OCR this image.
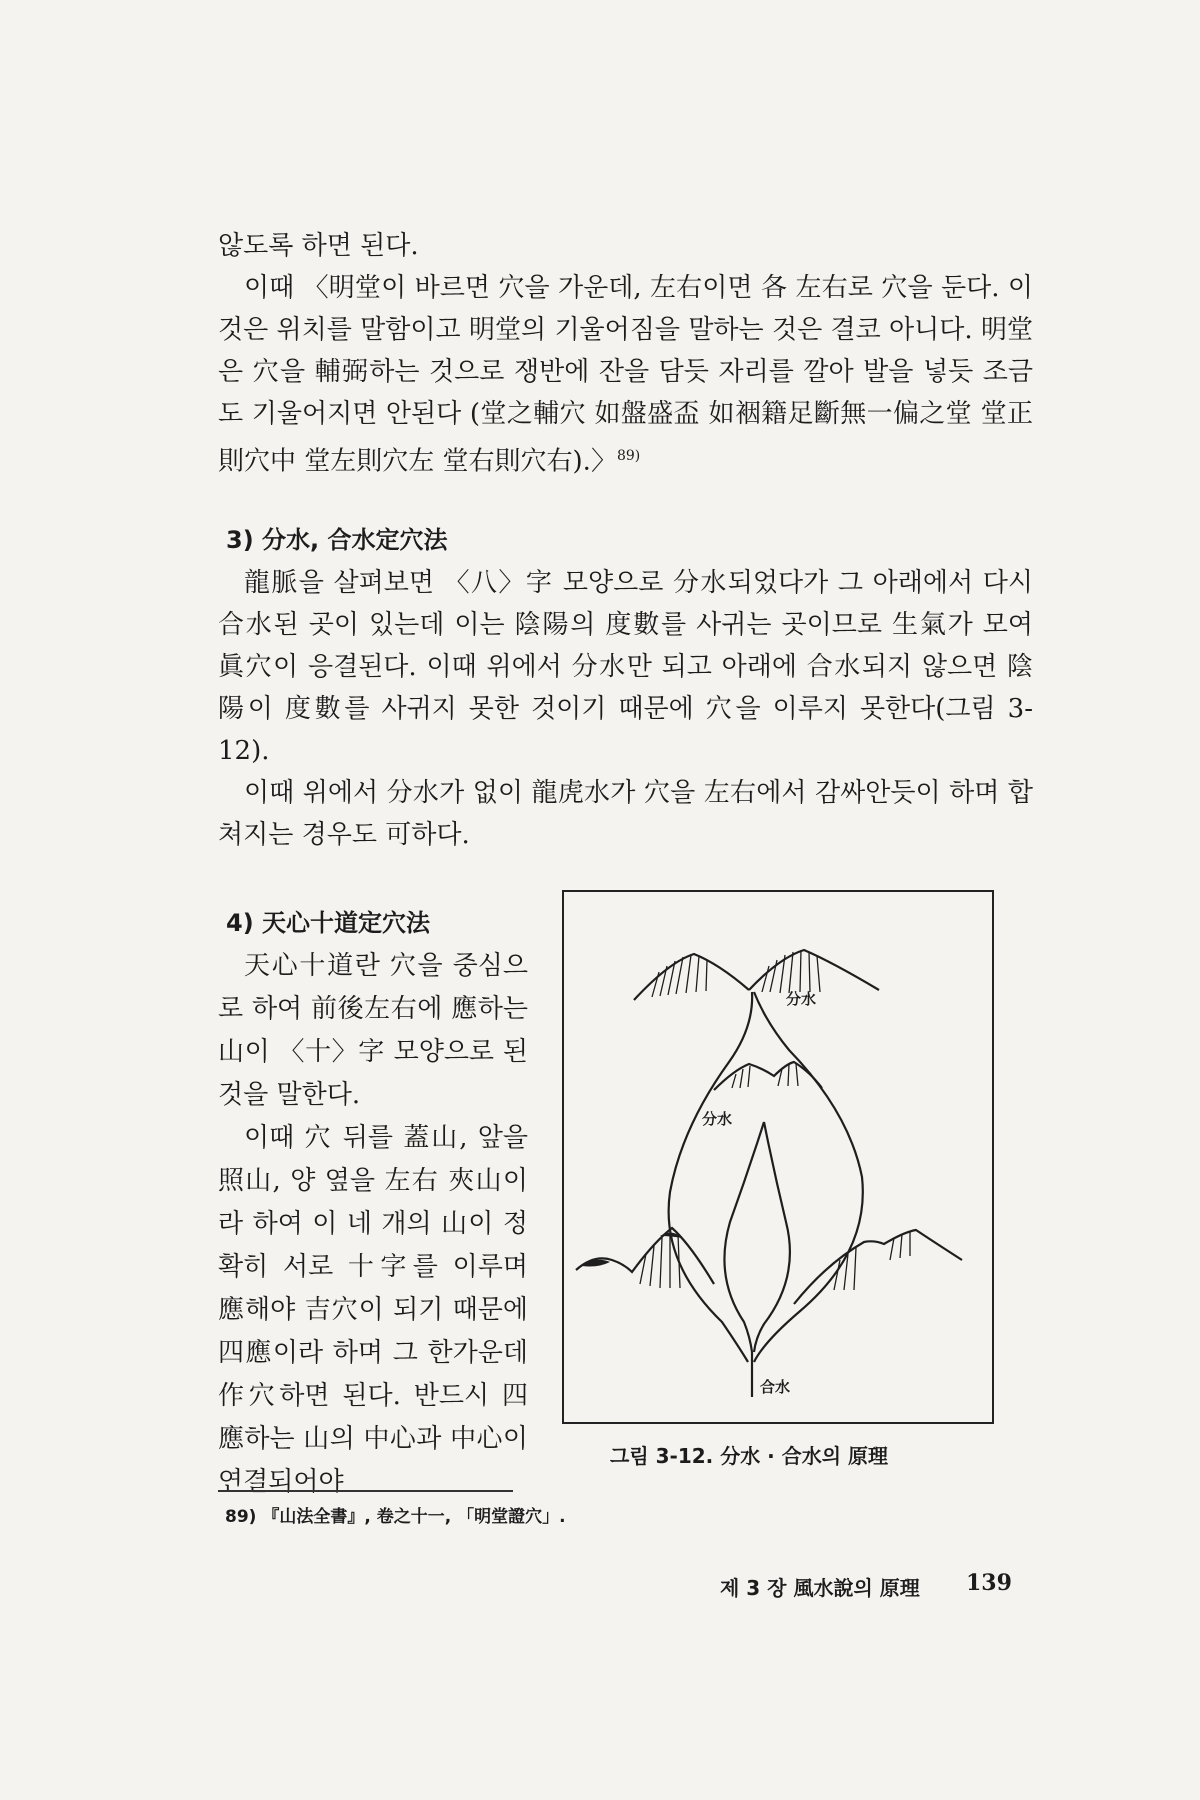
않도록 하면 된다.

이때 〈明堂이 바르면 穴을 가운데, 左右이면 各 左右로 穴을 둔다. 이것은 위치를 말함이고 明堂의 기울어짐을 말하는 것은 결코 아니다. 明堂은 穴을 輔弼하는 것으로 쟁반에 잔을 담듯 자리를 깔아 발을 넣듯 조금도 기울어지면 안된다 (堂之輔穴 如盤盛盃 如裀籍足斷無一偏之堂 堂正則穴中 堂左則穴左 堂右則穴右).〉$^{89)}$

3) 分水, 合水定穴法

龍脈을 살펴보면 〈八〉字 모양으로 分水되었다가 그 아래에서 다시 合水된 곳이 있는데 이는 陰陽의 度數를 사귀는 곳이므로 生氣가 모여 眞穴이 응결된다. 이때 위에서 分水만 되고 아래에 合水되지 않으면 陰陽이 度數를 사귀지 못한 것이기 때문에 穴을 이루지 못한다(그림 3-12).

이때 위에서 分水가 없이 龍虎水가 穴을 左右에서 감싸안듯이 하며 합쳐지는 경우도 可하다.

4) 天心十道定穴法

天心十道란 穴을 중심으로 하여 前後左右에 應하는 山이 〈十〉字 모양으로 된 것을 말한다.

이때 穴 뒤를 蓋山, 앞을 照山, 양 옆을 左右 夾山이라 하여 이 네 개의 山이 정확히 서로 十字를 이루며 應해야 吉穴이 되기 때문에 四應이라 하며 그 한가운데 作穴하면 된다. 반드시 四應하는 山의 中心과 中心이 연결되어야

分水
分水
合水
그림 3-12. 分水 · 合水의 原理
89) 『山法全書』, 卷之十一, 「明堂證穴」.
제 3 장 風水說의 原理 139
